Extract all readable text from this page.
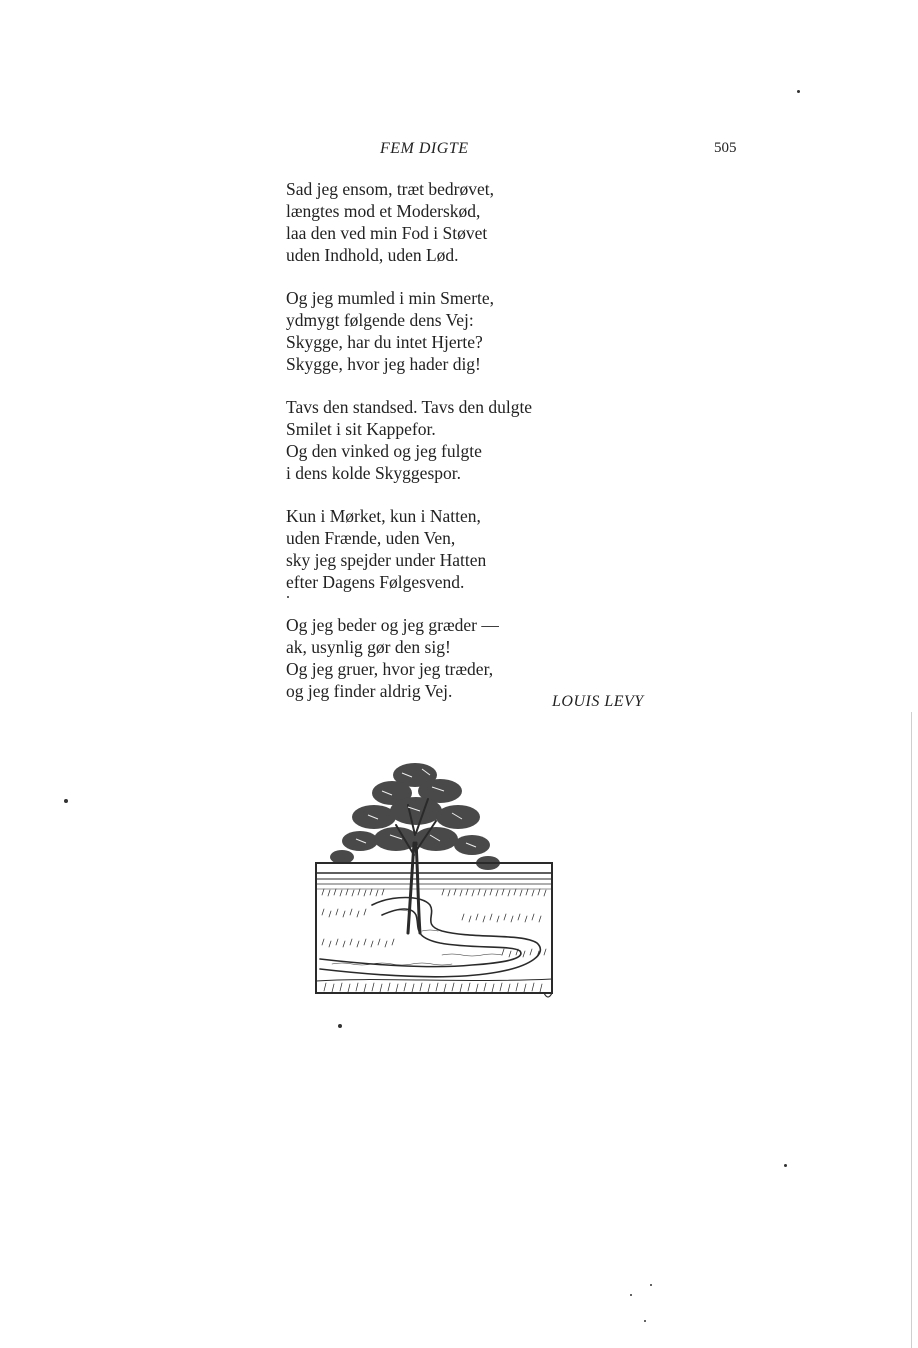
FEM DIGTE	505
Sad jeg ensom, træt bedrøvet,
længtes mod et Moderskød,
laa den ved min Fod i Støvet
uden Indhold, uden Lød.
Og jeg mumled i min Smerte,
ydmygt følgende dens Vej:
Skygge, har du intet Hjerte?
Skygge, hvor jeg hader dig!
Tavs den standsed. Tavs den dulgte
Smilet i sit Kappefor.
Og den vinked og jeg fulgte
i dens kolde Skyggespor.
Kun i Mørket, kun i Natten,
uden Frænde, uden Ven,
sky jeg spejder under Hatten
efter Dagens Følgesvend.
Og jeg beder og jeg græder —
ak, usynlig gør den sig!
Og jeg gruer, hvor jeg træder,
og jeg finder aldrig Vej.
LOUIS LEVY
